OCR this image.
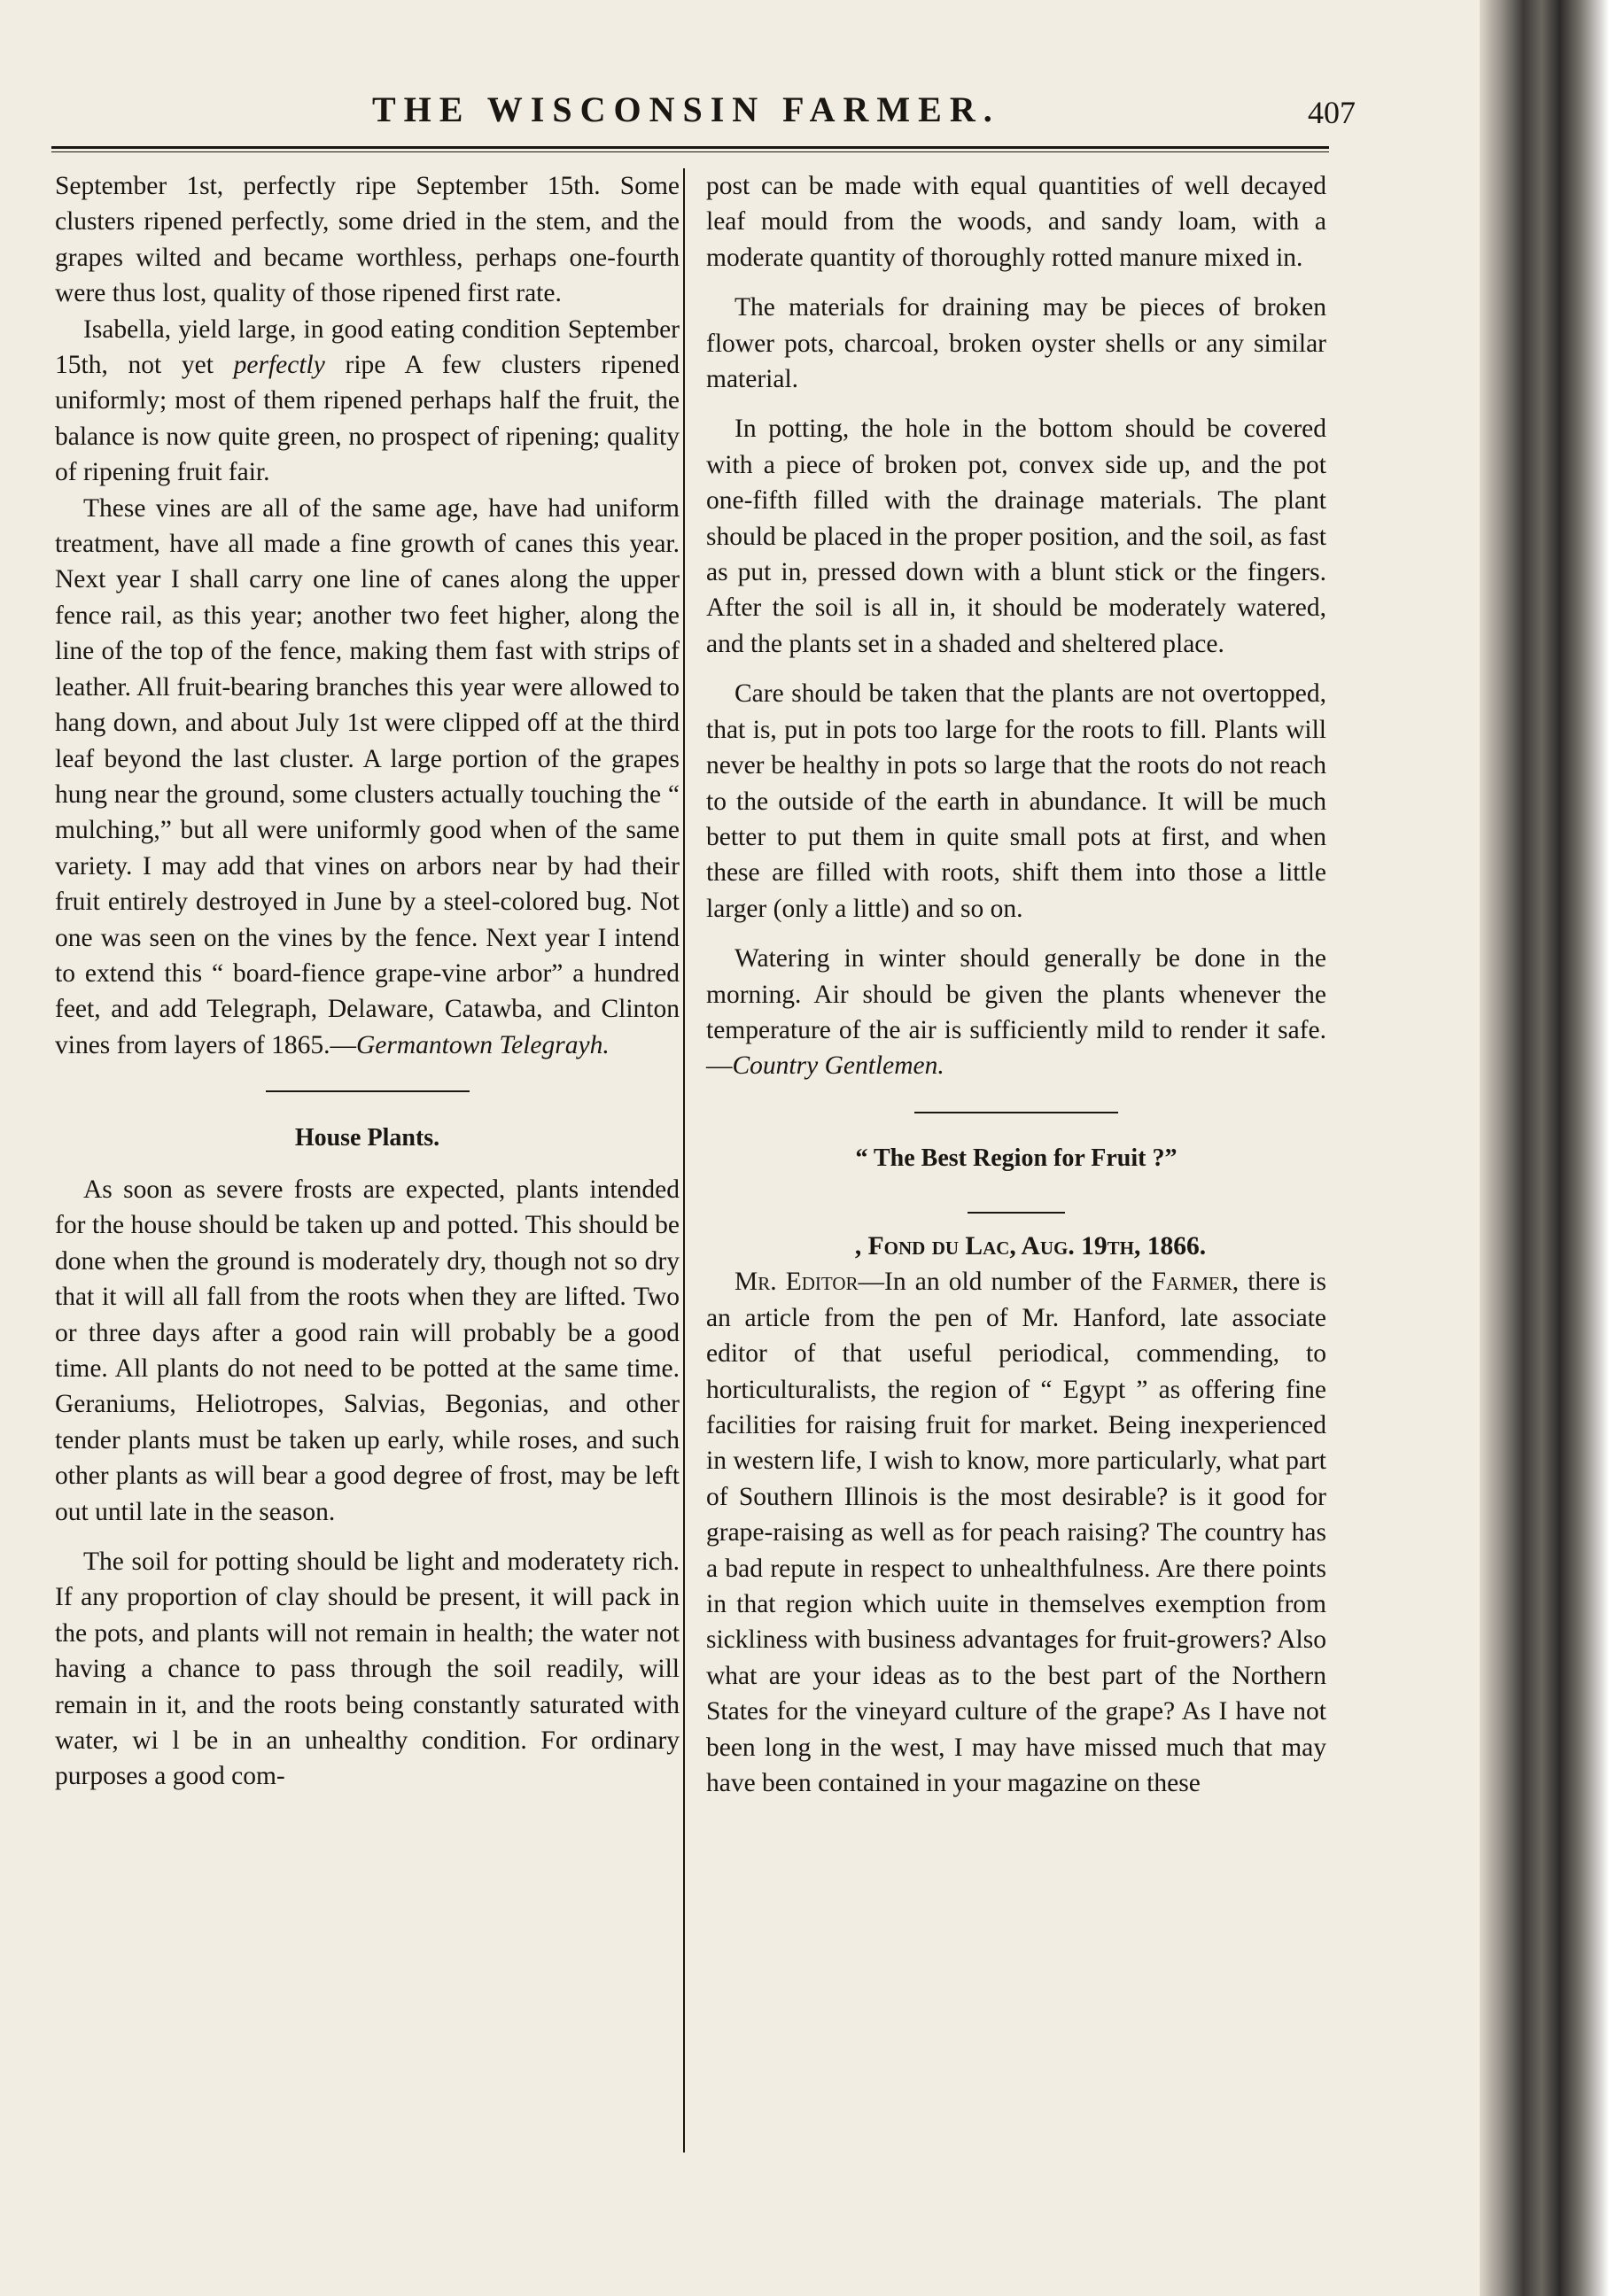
THE WISCONSIN FARMER.	407

September 1st, perfectly ripe September 15th. Some clusters ripened perfectly, some dried in the stem, and the grapes wilted and became worthless, perhaps one-fourth were thus lost, quality of those ripened first rate.

Isabella, yield large, in good eating condition September 15th, not yet perfectly ripe A few clusters ripened uniformly; most of them ripened perhaps half the fruit, the balance is now quite green, no prospect of ripening; quality of ripening fruit fair.

These vines are all of the same age, have had uniform treatment, have all made a fine growth of canes this year. Next year I shall carry one line of canes along the upper fence rail, as this year; another two feet higher, along the line of the top of the fence, making them fast with strips of leather. All fruit-bearing branches this year were allowed to hang down, and about July 1st were clipped off at the third leaf beyond the last cluster. A large portion of the grapes hung near the ground, some clusters actually touching the “ mulching,” but all were uniformly good when of the same variety. I may add that vines on arbors near by had their fruit entirely destroyed in June by a steel-colored bug. Not one was seen on the vines by the fence. Next year I intend to extend this “ board-fience grape-vine arbor” a hundred feet, and add Telegraph, Delaware, Catawba, and Clinton vines from layers of 1865.—Germantown Telegrayh.

House Plants.

As soon as severe frosts are expected, plants intended for the house should be taken up and potted. This should be done when the ground is moderately dry, though not so dry that it will all fall from the roots when they are lifted. Two or three days after a good rain will probably be a good time. All plants do not need to be potted at the same time. Geraniums, Heliotropes, Salvias, Begonias, and other tender plants must be taken up early, while roses, and such other plants as will bear a good degree of frost, may be left out until late in the season.

The soil for potting should be light and moderatety rich. If any proportion of clay should be present, it will pack in the pots, and plants will not remain in health; the water not having a chance to pass through the soil readily, will remain in it, and the roots being constantly saturated with water, wi l be in an unhealthy condition. For ordinary purposes a good com-

post can be made with equal quantities of well decayed leaf mould from the woods, and sandy loam, with a moderate quantity of thoroughly rotted manure mixed in.

The materials for draining may be pieces of broken flower pots, charcoal, broken oyster shells or any similar material.

In potting, the hole in the bottom should be covered with a piece of broken pot, convex side up, and the pot one-fifth filled with the drainage materials. The plant should be placed in the proper position, and the soil, as fast as put in, pressed down with a blunt stick or the fingers. After the soil is all in, it should be moderately watered, and the plants set in a shaded and sheltered place.

Care should be taken that the plants are not overtopped, that is, put in pots too large for the roots to fill. Plants will never be healthy in pots so large that the roots do not reach to the outside of the earth in abundance. It will be much better to put them in quite small pots at first, and when these are filled with roots, shift them into those a little larger (only a little) and so on.

Watering in winter should generally be done in the morning. Air should be given the plants whenever the temperature of the air is sufficiently mild to render it safe.—Country Gentlemen.

“ The Best Region for Fruit ?”

, Fond du Lac, Aug. 19th, 1866.

Mr. Editor—In an old number of the Farmer, there is an article from the pen of Mr. Hanford, late associate editor of that useful periodical, commending, to horticulturalists, the region of “ Egypt ” as offering fine facilities for raising fruit for market. Being inexperienced in western life, I wish to know, more particularly, what part of Southern Illinois is the most desirable? is it good for grape-raising as well as for peach raising? The country has a bad repute in respect to unhealthfulness. Are there points in that region which uuite in themselves exemption from sickliness with business advantages for fruit-growers? Also what are your ideas as to the best part of the Northern States for the vineyard culture of the grape? As I have not been long in the west, I may have missed much that may have been contained in your magazine on these
